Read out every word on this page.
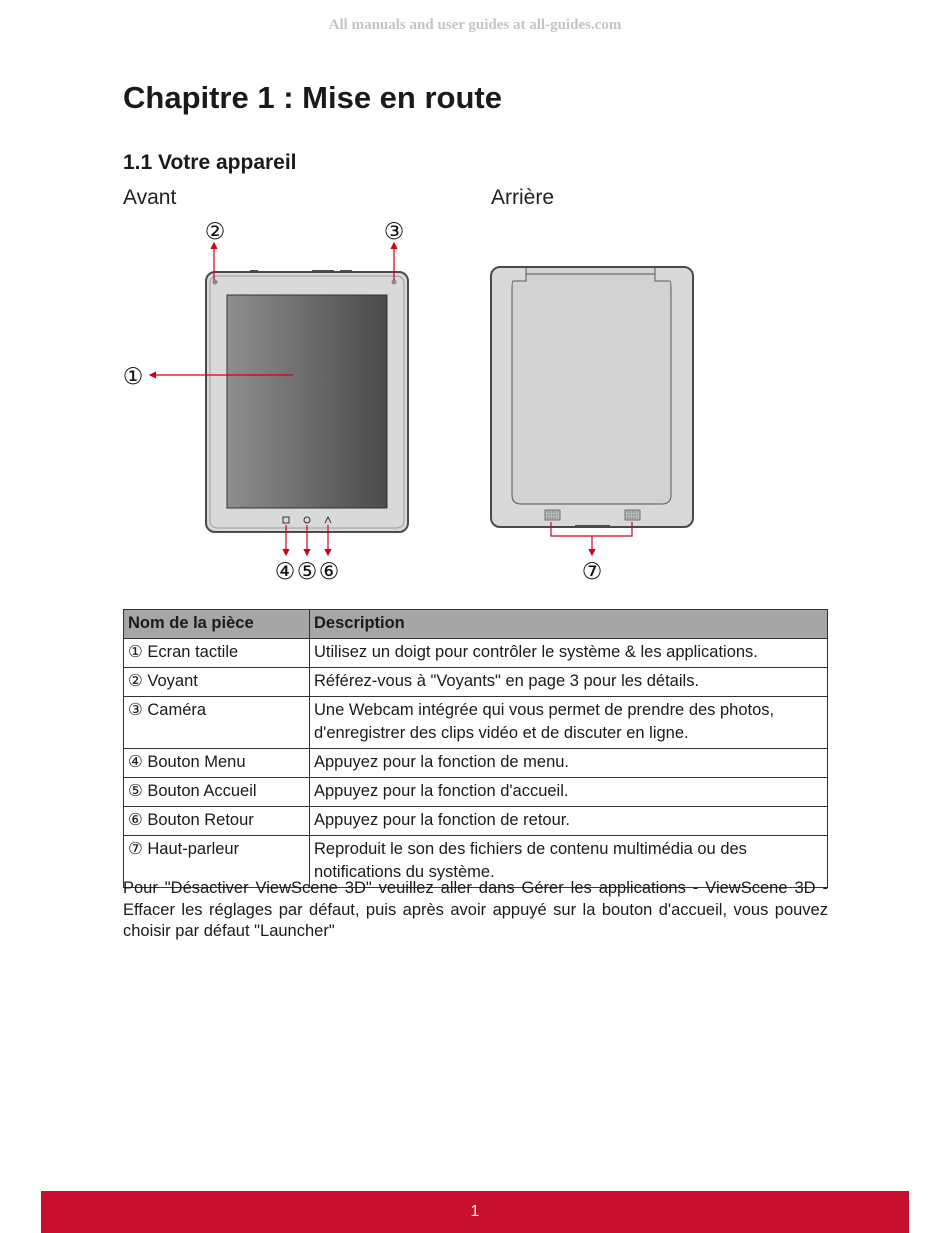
All manuals and user guides at all-guides.com
Chapitre 1 : Mise en route
1.1 Votre appareil
Avant	Arrière
①
②	③
④ ⑤ ⑥	⑦
Nom de la pièce	Description
① Ecran tactile	Utilisez un doigt pour contrôler le système & les applications.
② Voyant	Référez-vous à "Voyants" en page 3 pour les détails.
③ Caméra	Une Webcam intégrée qui vous permet de prendre des photos, d'enregistrer des clips vidéo et de discuter en ligne.
④ Bouton Menu	Appuyez pour la fonction de menu.
⑤ Bouton Accueil	Appuyez pour la fonction d'accueil.
⑥ Bouton Retour	Appuyez pour la fonction de retour.
⑦ Haut-parleur	Reproduit le son des fichiers de contenu multimédia ou des notifications du système.

Pour "Désactiver ViewScene 3D" veuillez aller dans Gérer les applications - ViewScene 3D - Effacer les réglages par défaut, puis après avoir appuyé sur la bouton d'accueil, vous pouvez choisir par défaut "Launcher"

1
